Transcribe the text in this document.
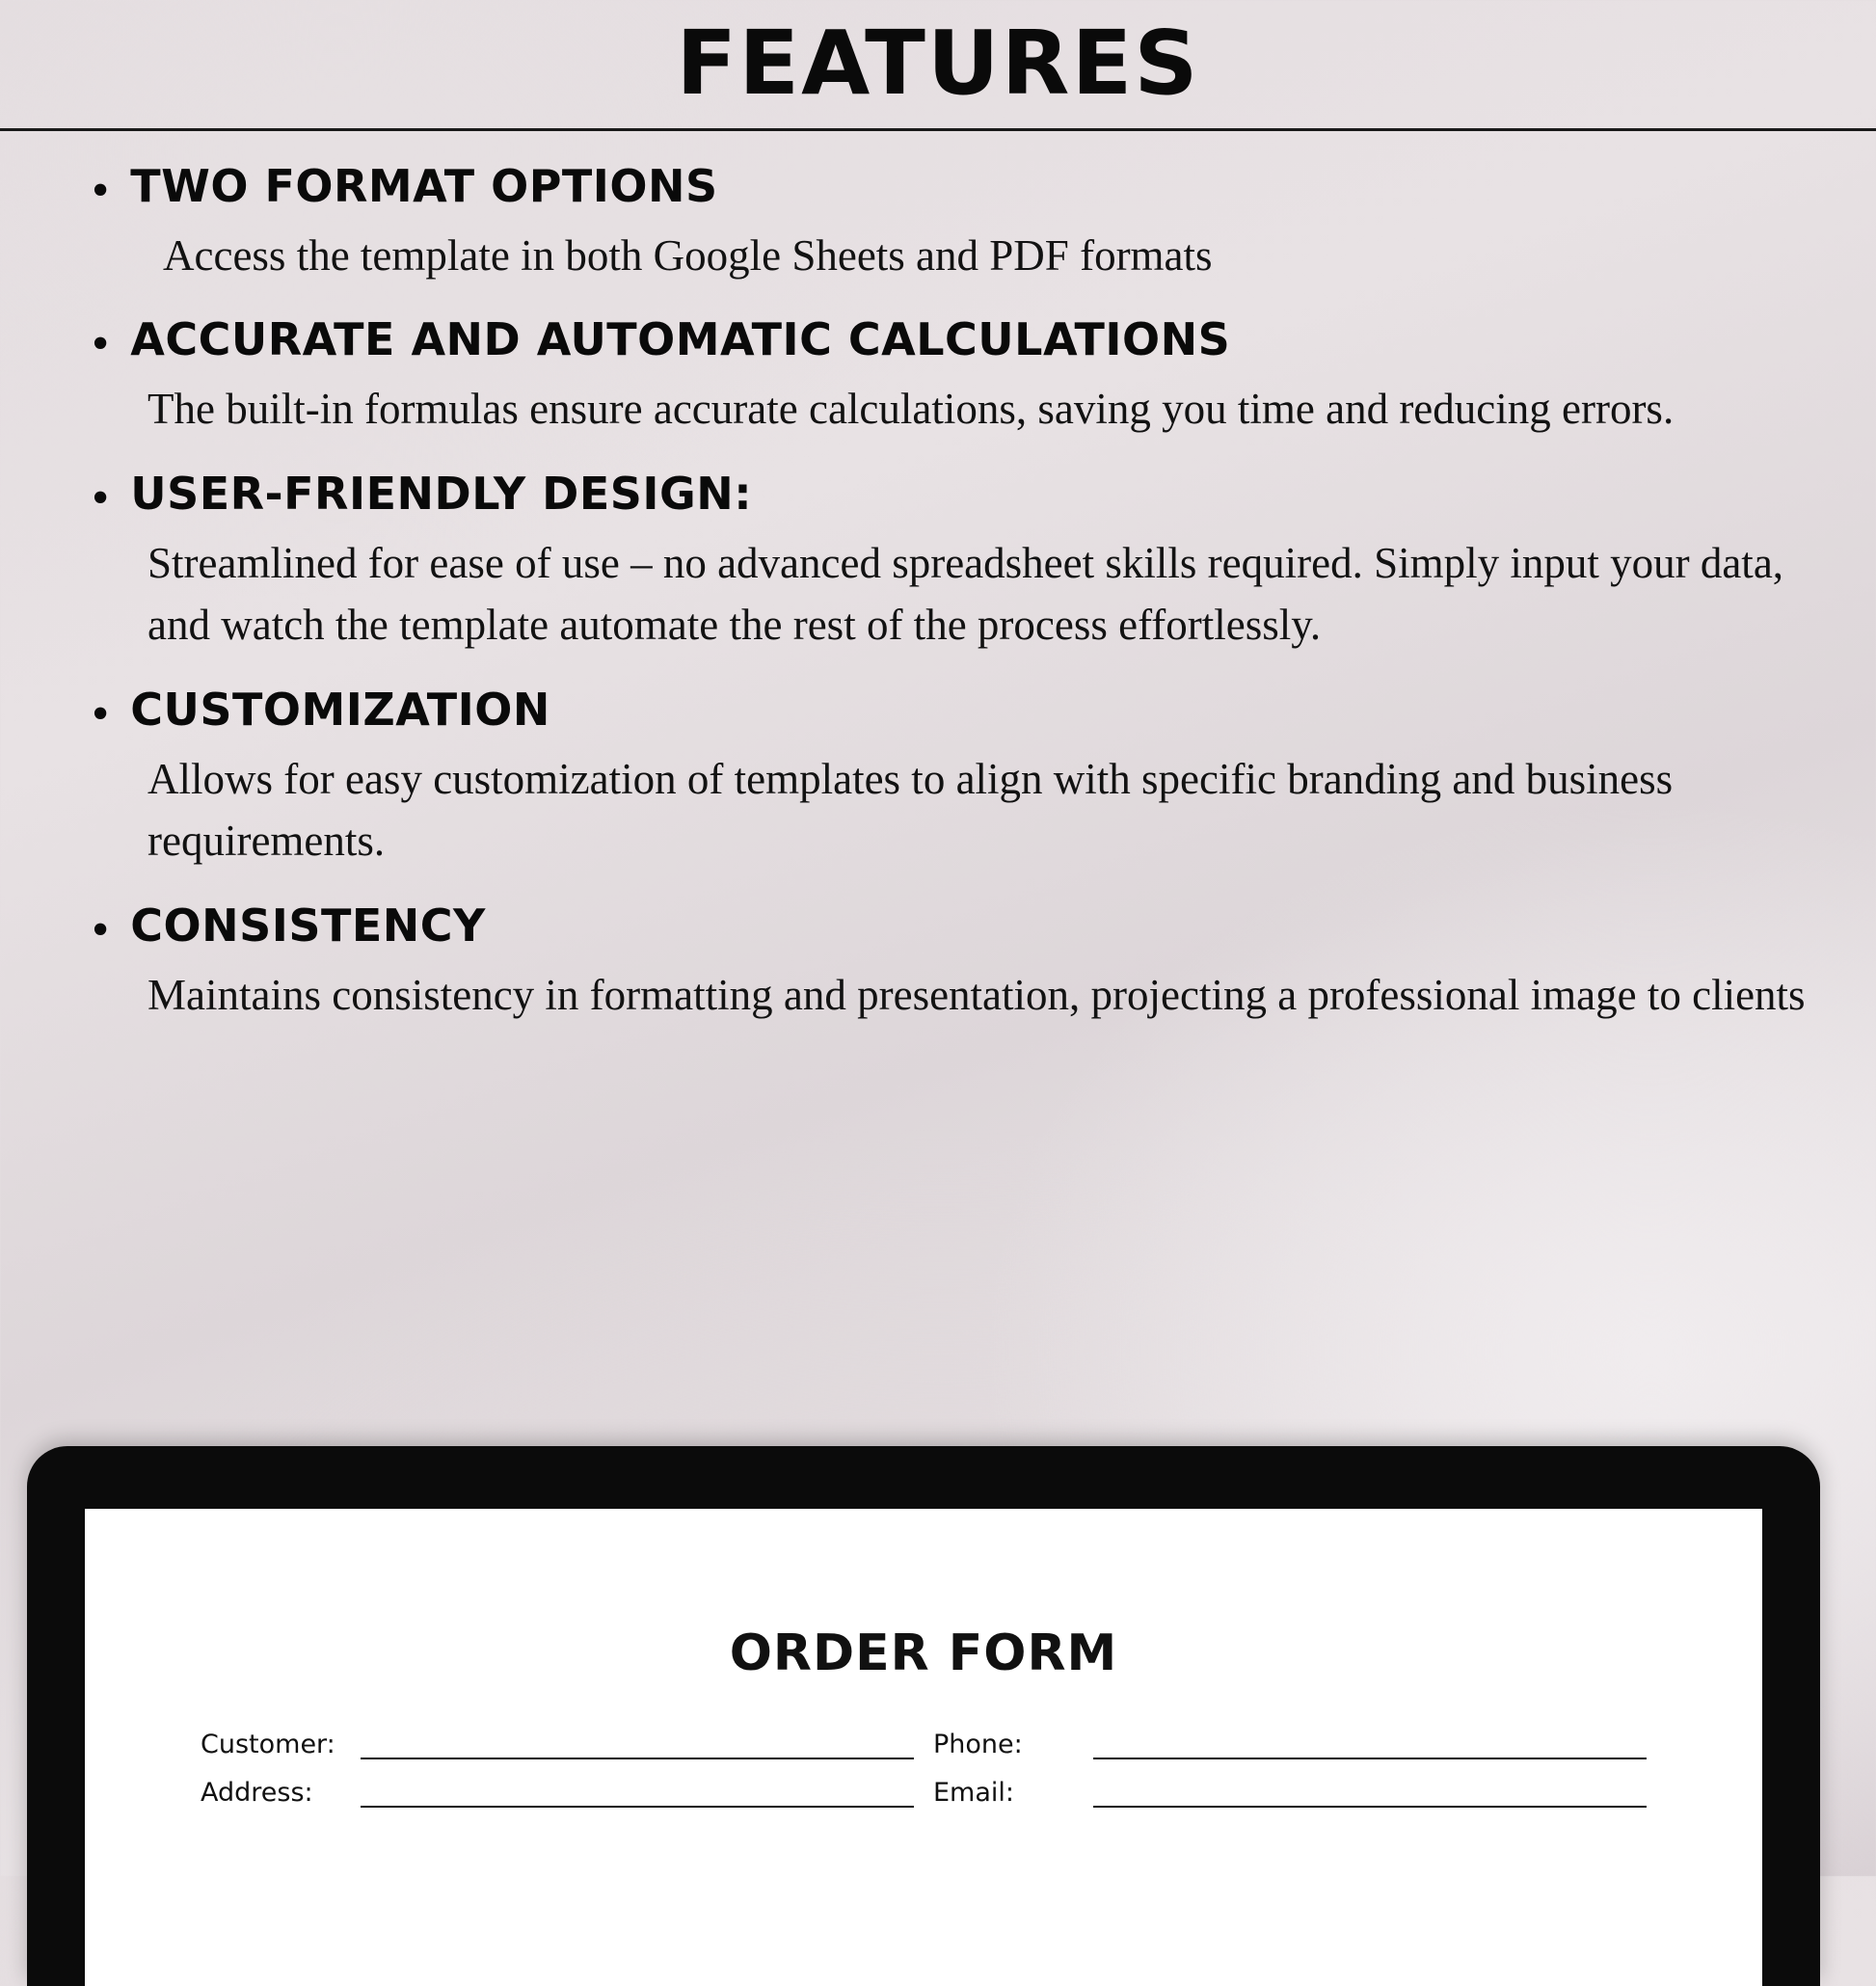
FEATURES
• TWO FORMAT OPTIONS
Access the template in both Google Sheets and PDF formats
• ACCURATE AND AUTOMATIC CALCULATIONS
The built-in formulas ensure accurate calculations, saving you time and reducing errors.
• USER-FRIENDLY DESIGN:
Streamlined for ease of use – no advanced spreadsheet skills required. Simply input your data, and watch the template automate the rest of the process effortlessly.
• CUSTOMIZATION
Allows for easy customization of templates to align with specific branding and business requirements.
• CONSISTENCY
Maintains consistency in formatting and presentation, projecting a professional image to clients
ORDER FORM
Customer:
Address:
Phone:
Email:
